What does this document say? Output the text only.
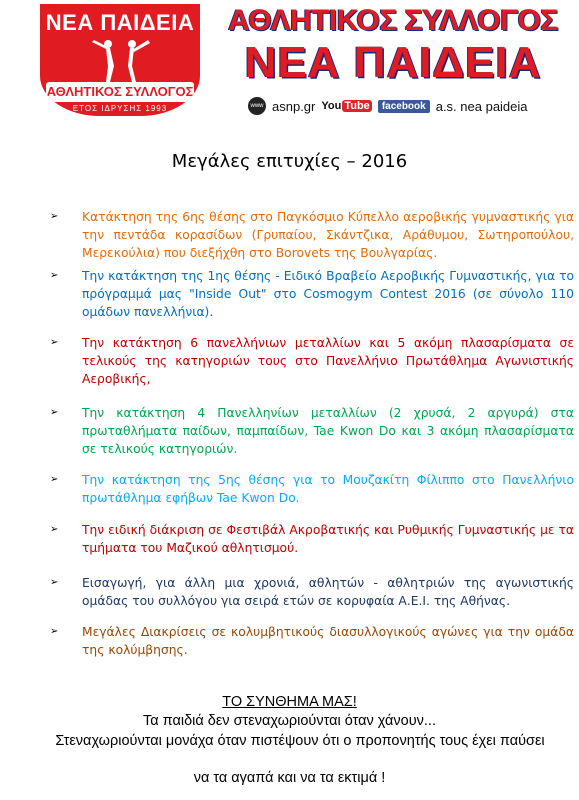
ΝΕΑ ΠΑΙΔΕΙΑ
ΑΘΛΗΤΙΚΟΣ ΣΥΛΛΟΓΟΣ
ΕΤΟΣ ΙΔΡΥΣΗΣ 1993
ΑΘΛΗΤΙΚΟΣ ΣΥΛΛΟΓΟΣ
ΝΕΑ ΠΑΙΔΕΙΑ
www asnp.gr You Tube	facebook a.s. nea paideia
Μεγάλες επιτυχίες – 2016
➢ Κατάκτηση της 6ης θέσης στο Παγκόσμιο Κύπελλο αεροβικής γυμναστικής για την πεντάδα κορασίδων (Γρυπαίου, Σκάντζικα, Αράθυμου, Σωτηροπούλου, Μερεκούλια) που διεξήχθη στο Borovets της Βουλγαρίας.

➢ Την κατάκτηση της 1ης θέσης - Ειδικό Βραβείο Αεροβικής Γυμναστικής, για το πρόγραμμά μας "Inside Out" στο Cosmogym Contest 2016 (σε σύνολο 110 ομάδων πανελλήνια).

➢ Την κατάκτηση 6 πανελλήνιων μεταλλίων και 5 ακόμη πλασαρίσματα σε τελικούς της κατηγοριών τους στο Πανελλήνιο Πρωτάθλημα Αγωνιστικής Αεροβικής,

➢ Την κατάκτηση 4 Πανελληνίων μεταλλίων (2 χρυσά, 2 αργυρά) στα πρωταθλήματα παίδων, παμπαίδων, Tae Kwon Do και 3 ακόμη πλασαρίσματα σε τελικούς κατηγοριών.

➢ Την κατάκτηση της 5ης θέσης για το Μουζακίτη Φίλιππο στο Πανελλήνιο πρωτάθλημα εφήβων Tae Kwon Do.

➢ Την ειδική διάκριση σε Φεστιβάλ Ακροβατικής και Ρυθμικής Γυμναστικής με τα τμήματα του Μαζικού αθλητισμού.

➢ Εισαγωγή, για άλλη μια χρονιά, αθλητών - αθλητριών της αγωνιστικής ομάδας του συλλόγου για σειρά ετών σε κορυφαία Α.Ε.Ι. της Αθήνας.

➢ Μεγάλες Διακρίσεις σε κολυμβητικούς διασυλλογικούς αγώνες για την ομάδα της κολύμβησης.

ΤΟ ΣΥΝΘΗΜΑ ΜΑΣ!
Τα παιδιά δεν στεναχωριούνται όταν χάνουν...
Στεναχωριούνται μονάχα όταν πιστέψουν ότι ο προπονητής τους έχει παύσει
να τα αγαπά και να τα εκτιμά !
